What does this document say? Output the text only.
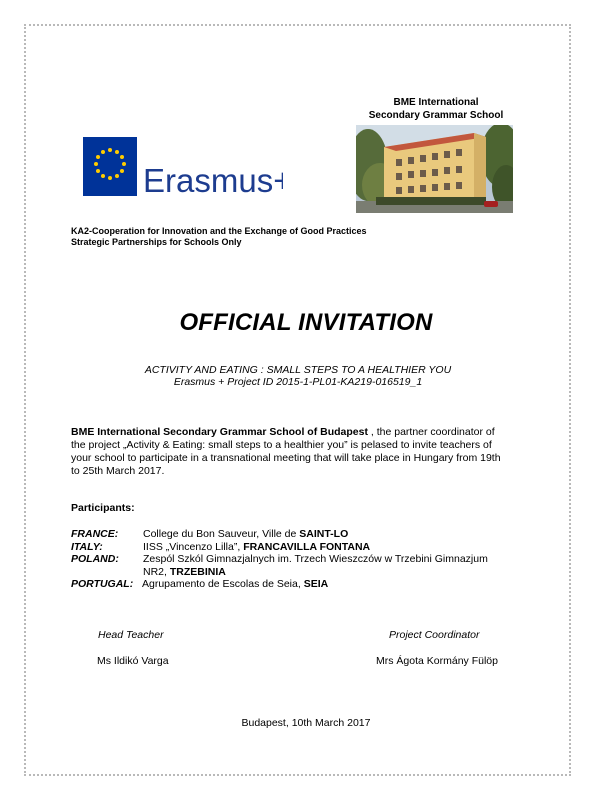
BME International
Secondary Grammar School
Erasmus+
KA2-Cooperation for Innovation and the Exchange of Good Practices
Strategic Partnerships for Schools Only
OFFICIAL INVITATION
ACTIVITY AND EATING : SMALL STEPS TO A HEALTHIER YOU
Erasmus + Project ID 2015-1-PL01-KA219-016519_1
BME International Secondary Grammar School of Budapest , the partner coordinator of
the project „Activity & Eating: small steps to a healthier you” is pelased to invite teachers of
your school to participate in a transnational meeting that will take place in Hungary from 19th
to 25th March 2017.
Participants:
FRANCE: College du Bon Sauveur, Ville de SAINT-LO
ITALY:	IISS „Vincenzo Lilla”, FRANCAVILLA FONTANA
POLAND: Zespól Szkól Gimnazjalnych im. Trzech Wieszczów w Trzebini Gimnazjum
NR2, TRZEBINIA
PORTUGAL: Agrupamento de Escolas de Seia, SEIA
Head Teacher
Ms Ildikó Varga
Project Coordinator
Mrs Ágota Kormány Fülöp
Budapest, 10th March 2017
